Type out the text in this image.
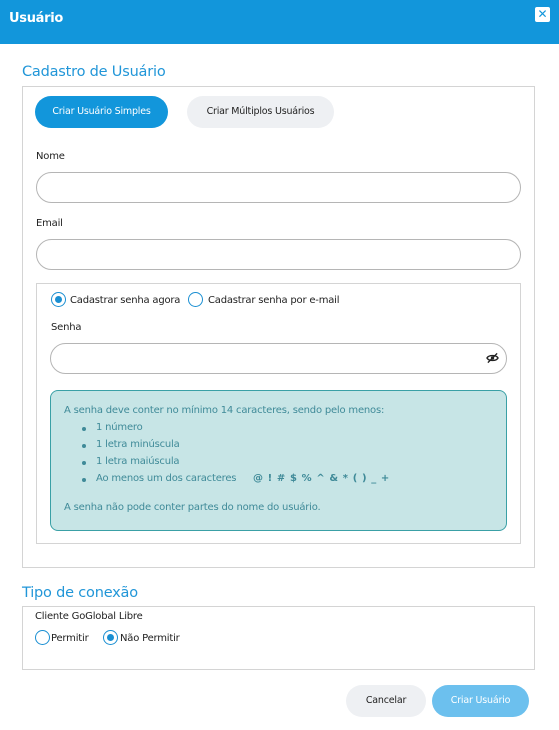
Usuário	✕
Cadastro de Usuário
Criar Usuário Simples	Criar Múltiplos Usuários
Nome
Email
Cadastrar senha agora	Cadastrar senha por e-mail
Senha
A senha deve conter no mínimo 14 caracteres, sendo pelo menos:
1 número
1 letra minúscula
1 letra maiúscula
Ao menos um dos caracteres @ ! # $ % ^ & * ( ) _ +
A senha não pode conter partes do nome do usuário.
Tipo de conexão
Cliente GoGlobal Libre
Permitir	Não Permitir
Cancelar	Criar Usuário
